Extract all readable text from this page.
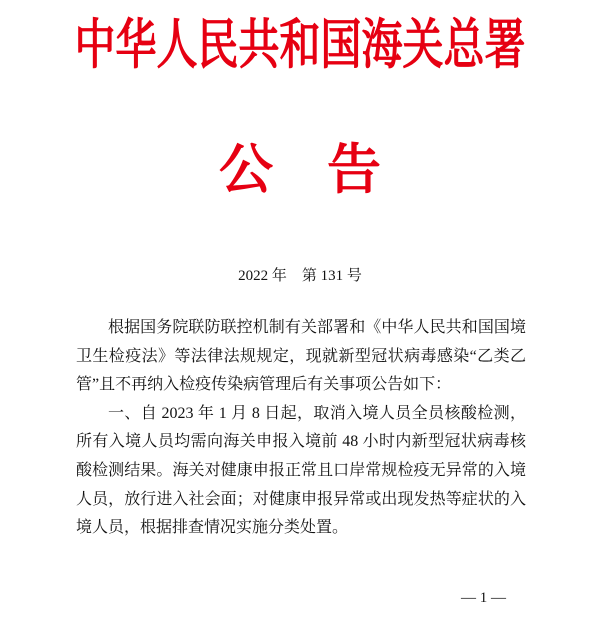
中华人民共和国海关总署
公　告
2022 年　第 131 号
根据国务院联防联控机制有关部署和《中华人民共和国国境
卫生检疫法》等法律法规规定，现就新型冠状病毒感染“乙类乙
管”且不再纳入检疫传染病管理后有关事项公告如下：
一、自 2023 年 1 月 8 日起，取消入境人员全员核酸检测，
所有入境人员均需向海关申报入境前 48 小时内新型冠状病毒核
酸检测结果。海关对健康申报正常且口岸常规检疫无异常的入境
人员，放行进入社会面；对健康申报异常或出现发热等症状的入
境人员，根据排查情况实施分类处置。
— 1 —
